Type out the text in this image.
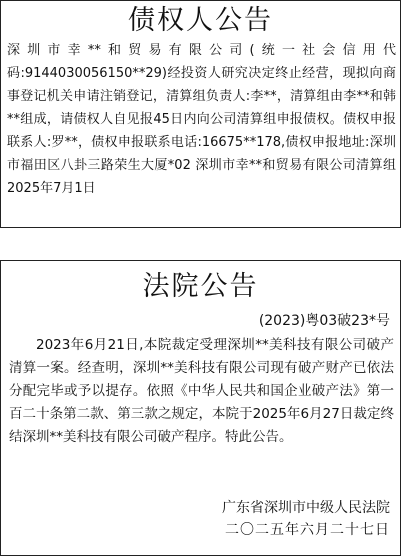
债权人公告
深圳市幸**和贸易有限公司(统一社会信用代码:9144030056150**29)经投资人研究决定终止经营，现拟向商事登记机关申请注销登记，清算组负责人:李**，清算组由李**和韩**组成，请债权人自见报45日内向公司清算组申报债权。债权申报联系人:罗**，债权申报联系电话:16675**178,债权申报地址:深圳市福田区八卦三路荣生大厦*02 深圳市幸**和贸易有限公司清算组 2025年7月1日
法院公告
(2023)粤03破23*号
2023年6月21日,本院裁定受理深圳**美科技有限公司破产清算一案。经查明，深圳**美科技有限公司现有破产财产已依法分配完毕或予以提存。依照《中华人民共和国企业破产法》第一百二十条第二款、第三款之规定，本院于2025年6月27日裁定终结深圳**美科技有限公司破产程序。特此公告。
广东省深圳市中级人民法院
二〇二五年六月二十七日
